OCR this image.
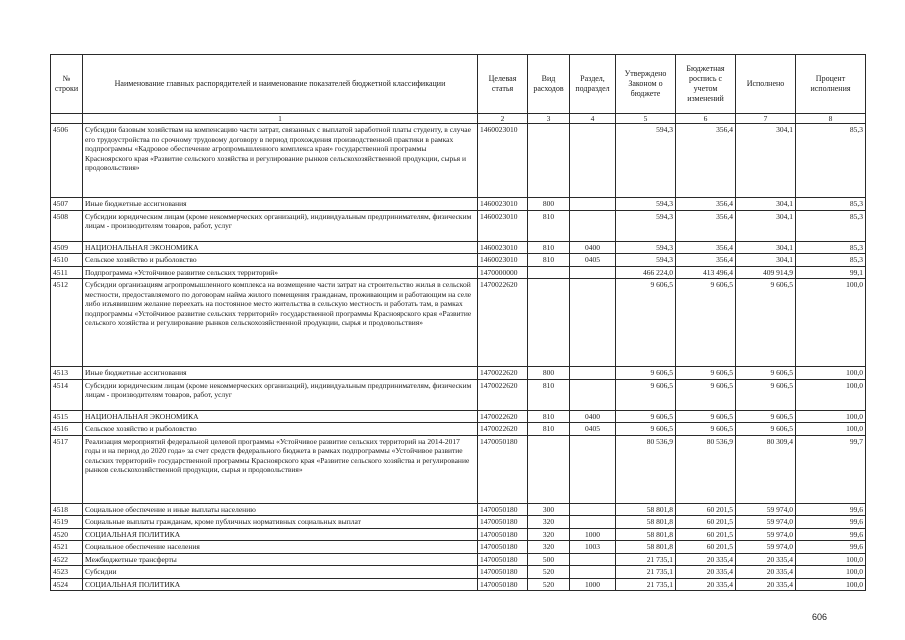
№ строки	Наименование главных распорядителей и наименование показателей бюджетной классификации	Целевая статья	Вид расходов	Раздел, подраздел	Утверждено Законом о бюджете	Бюджетная роспись с учетом изменений	Исполнено	Процент исполнения
	1	2	3	4	5	6	7	8
4506	Субсидии базовым хозяйствам на компенсацию части затрат, связанных с выплатой заработной платы студенту, в случае его трудоустройства по срочному трудовому договору в период прохождения производственной практики в рамках подпрограммы «Кадровое обеспечение агропромышленного комплекса края» государственной программы Красноярского края «Развитие сельского хозяйства и регулирование рынков сельскохозяйственной продукции, сырья и продовольствия»	1460023010			594,3	356,4	304,1	85,3
4507	Иные бюджетные ассигнования	1460023010	800		594,3	356,4	304,1	85,3
4508	Субсидии юридическим лицам (кроме некоммерческих организаций), индивидуальным предпринимателям, физическим лицам - производителям товаров, работ, услуг	1460023010	810		594,3	356,4	304,1	85,3
4509	НАЦИОНАЛЬНАЯ ЭКОНОМИКА	1460023010	810	0400	594,3	356,4	304,1	85,3
4510	Сельское хозяйство и рыболовство	1460023010	810	0405	594,3	356,4	304,1	85,3
4511	Подпрограмма «Устойчивое развитие сельских территорий»	1470000000			466 224,0	413 496,4	409 914,9	99,1
4512	Субсидии организациям агропромышленного комплекса на возмещение части затрат на строительство жилья в сельской местности, предоставляемого по договорам найма жилого помещения гражданам, проживающим и работающим на селе либо изъявившим желание переехать на постоянное место жительства в сельскую местность и работать там, в рамках подпрограммы «Устойчивое развитие сельских территорий» государственной программы Красноярского края «Развитие сельского хозяйства и регулирование рынков сельскохозяйственной продукции, сырья и продовольствия»	1470022620			9 606,5	9 606,5	9 606,5	100,0
4513	Иные бюджетные ассигнования	1470022620	800		9 606,5	9 606,5	9 606,5	100,0
4514	Субсидии юридическим лицам (кроме некоммерческих организаций), индивидуальным предпринимателям, физическим лицам - производителям товаров, работ, услуг	1470022620	810		9 606,5	9 606,5	9 606,5	100,0
4515	НАЦИОНАЛЬНАЯ ЭКОНОМИКА	1470022620	810	0400	9 606,5	9 606,5	9 606,5	100,0
4516	Сельское хозяйство и рыболовство	1470022620	810	0405	9 606,5	9 606,5	9 606,5	100,0
4517	Реализация мероприятий федеральной целевой программы «Устойчивое развитие сельских территорий на 2014-2017 годы и на период до 2020 года» за счет средств федерального бюджета в рамках подпрограммы «Устойчивое развитие сельских территорий» государственной программы Красноярского края «Развитие сельского хозяйства и регулирование рынков сельскохозяйственной продукции, сырья и продовольствия»	1470050180			80 536,9	80 536,9	80 309,4	99,7
4518	Социальное обеспечение и иные выплаты населению	1470050180	300		58 801,8	60 201,5	59 974,0	99,6
4519	Социальные выплаты гражданам, кроме публичных нормативных социальных выплат	1470050180	320		58 801,8	60 201,5	59 974,0	99,6
4520	СОЦИАЛЬНАЯ ПОЛИТИКА	1470050180	320	1000	58 801,8	60 201,5	59 974,0	99,6
4521	Социальное обеспечение населения	1470050180	320	1003	58 801,8	60 201,5	59 974,0	99,6
4522	Межбюджетные трансферты	1470050180	500		21 735,1	20 335,4	20 335,4	100,0
4523	Субсидии	1470050180	520		21 735,1	20 335,4	20 335,4	100,0
4524	СОЦИАЛЬНАЯ ПОЛИТИКА	1470050180	520	1000	21 735,1	20 335,4	20 335,4	100,0
606
